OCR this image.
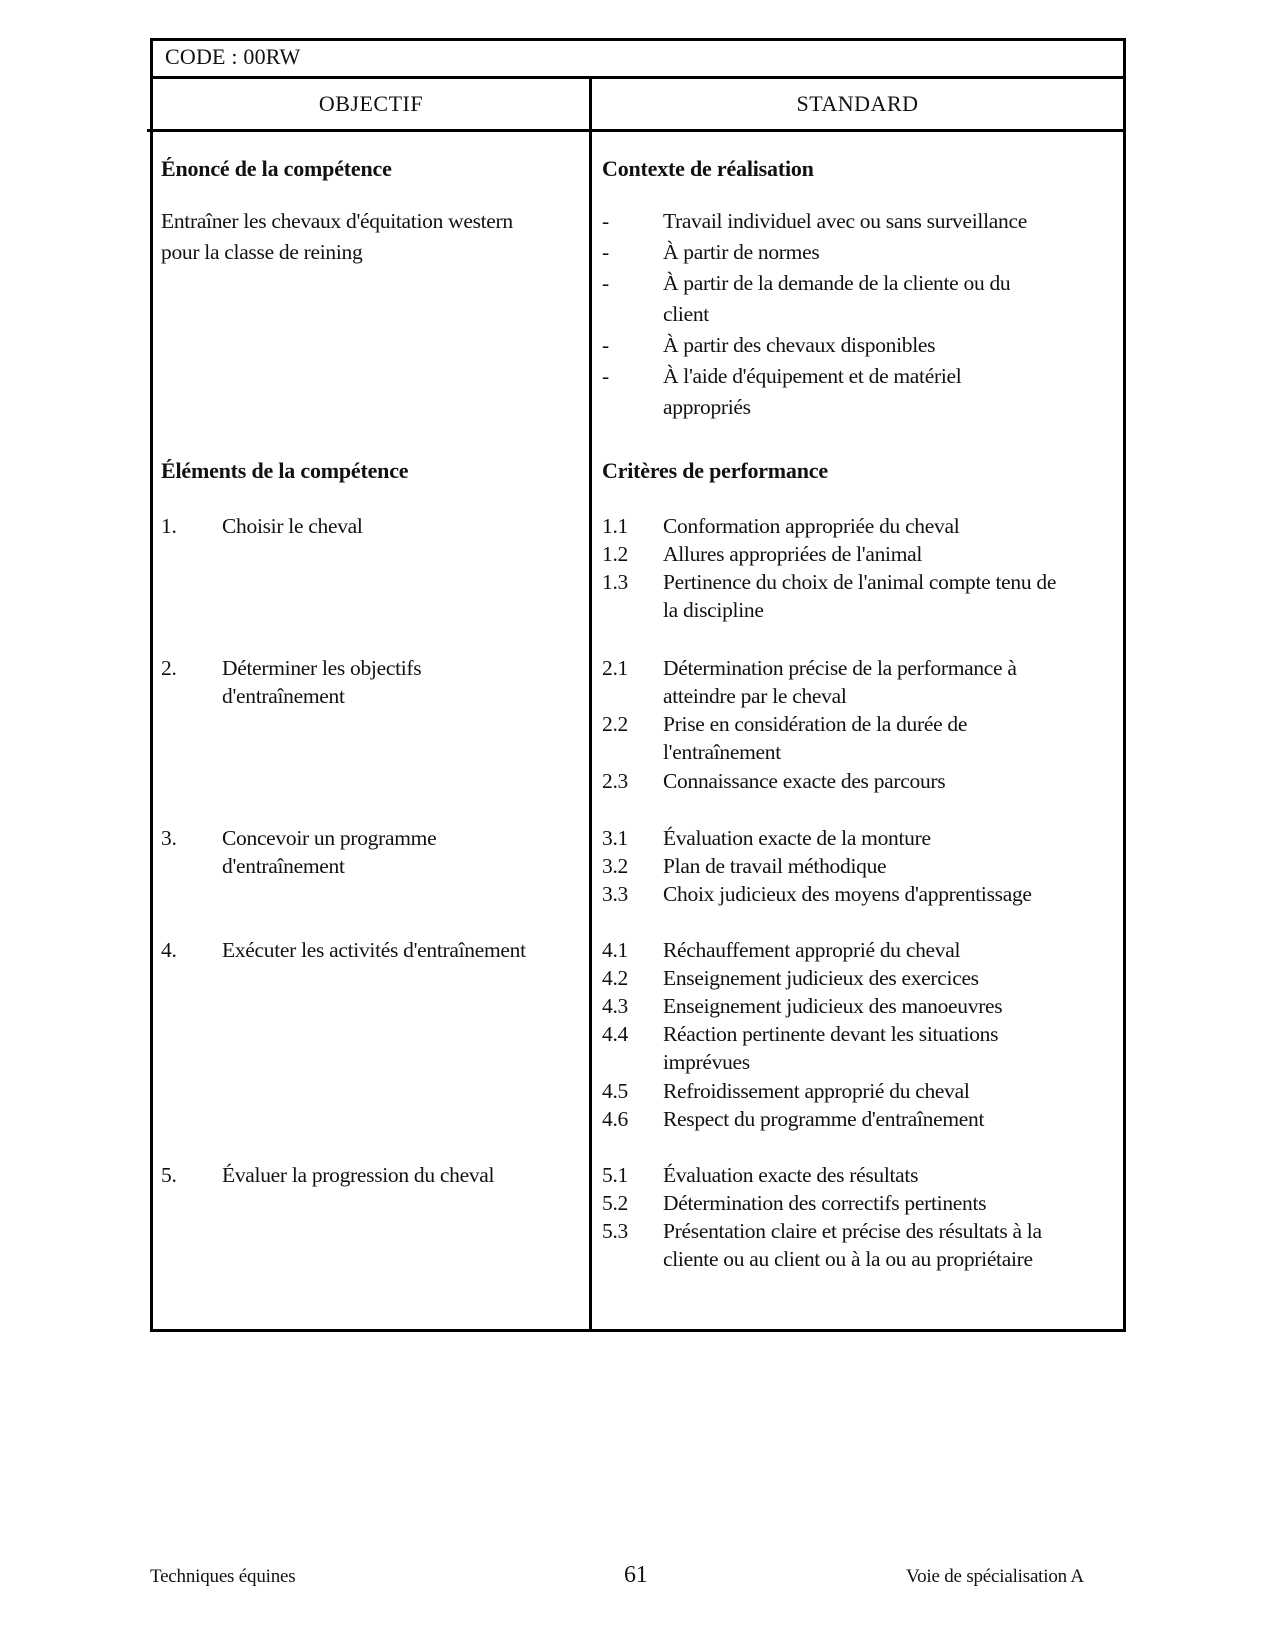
CODE : 00RW
OBJECTIF	STANDARD
Énoncé de la compétence
Entraîner les chevaux d'équitation western
pour la classe de reining
Éléments de la compétence
1. Choisir le cheval
2. Déterminer les objectifs
d'entraînement
3. Concevoir un programme
d'entraînement
4. Exécuter les activités d'entraînement
5. Évaluer la progression du cheval
Contexte de réalisation
-	Travail individuel avec ou sans surveillance
-	À partir de normes
-	À partir de la demande de la cliente ou du
client
-	À partir des chevaux disponibles
-	À l'aide d'équipement et de matériel
appropriés
Critères de performance
1.1 Conformation appropriée du cheval
1.2 Allures appropriées de l'animal
1.3 Pertinence du choix de l'animal compte tenu de
la discipline
2.1 Détermination précise de la performance à
atteindre par le cheval
2.2 Prise en considération de la durée de
l'entraînement
2.3 Connaissance exacte des parcours
3.1 Évaluation exacte de la monture
3.2 Plan de travail méthodique
3.3 Choix judicieux des moyens d'apprentissage
4.1 Réchauffement approprié du cheval
4.2 Enseignement judicieux des exercices
4.3 Enseignement judicieux des manoeuvres
4.4 Réaction pertinente devant les situations
imprévues
4.5 Refroidissement approprié du cheval
4.6 Respect du programme d'entraînement
5.1 Évaluation exacte des résultats
5.2 Détermination des correctifs pertinents
5.3 Présentation claire et précise des résultats à la
cliente ou au client ou à la ou au propriétaire
Techniques équines	61	Voie de spécialisation A
